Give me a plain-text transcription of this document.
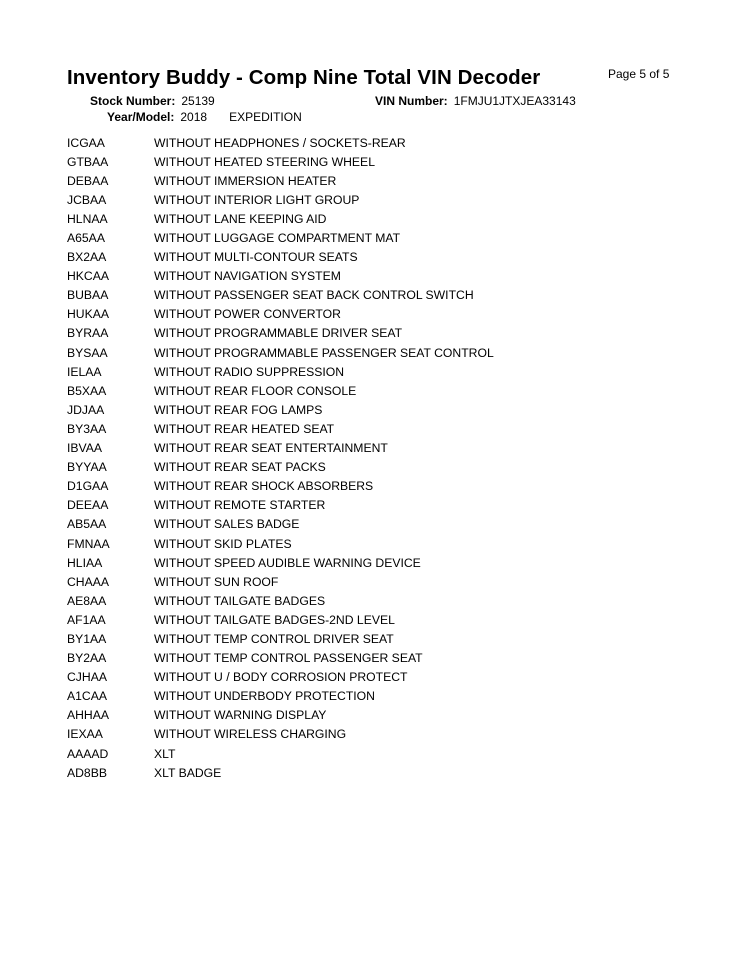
Inventory Buddy - Comp Nine Total VIN Decoder	Page 5 of 5
Stock Number: 25139
Year/Model: 2018 EXPEDITION
VIN Number: 1FMJU1JTXJEA33143
ICGAA	WITHOUT HEADPHONES / SOCKETS-REAR
GTBAA	WITHOUT HEATED STEERING WHEEL
DEBAA	WITHOUT IMMERSION HEATER
JCBAA	WITHOUT INTERIOR LIGHT GROUP
HLNAA	WITHOUT LANE KEEPING AID
A65AA	WITHOUT LUGGAGE COMPARTMENT MAT
BX2AA	WITHOUT MULTI-CONTOUR SEATS
HKCAA	WITHOUT NAVIGATION SYSTEM
BUBAA	WITHOUT PASSENGER SEAT BACK CONTROL SWITCH
HUKAA	WITHOUT POWER CONVERTOR
BYRAA	WITHOUT PROGRAMMABLE DRIVER SEAT
BYSAA	WITHOUT PROGRAMMABLE PASSENGER SEAT CONTROL
IELAA	WITHOUT RADIO SUPPRESSION
B5XAA	WITHOUT REAR FLOOR CONSOLE
JDJAA	WITHOUT REAR FOG LAMPS
BY3AA	WITHOUT REAR HEATED SEAT
IBVAA	WITHOUT REAR SEAT ENTERTAINMENT
BYYAA	WITHOUT REAR SEAT PACKS
D1GAA	WITHOUT REAR SHOCK ABSORBERS
DEEAA	WITHOUT REMOTE STARTER
AB5AA	WITHOUT SALES BADGE
FMNAA	WITHOUT SKID PLATES
HLIAA	WITHOUT SPEED AUDIBLE WARNING DEVICE
CHAAA	WITHOUT SUN ROOF
AE8AA	WITHOUT TAILGATE BADGES
AF1AA	WITHOUT TAILGATE BADGES-2ND LEVEL
BY1AA	WITHOUT TEMP CONTROL DRIVER SEAT
BY2AA	WITHOUT TEMP CONTROL PASSENGER SEAT
CJHAA	WITHOUT U / BODY CORROSION PROTECT
A1CAA	WITHOUT UNDERBODY PROTECTION
AHHAA	WITHOUT WARNING DISPLAY
IEXAA	WITHOUT WIRELESS CHARGING
AAAAD	XLT
AD8BB	XLT BADGE
